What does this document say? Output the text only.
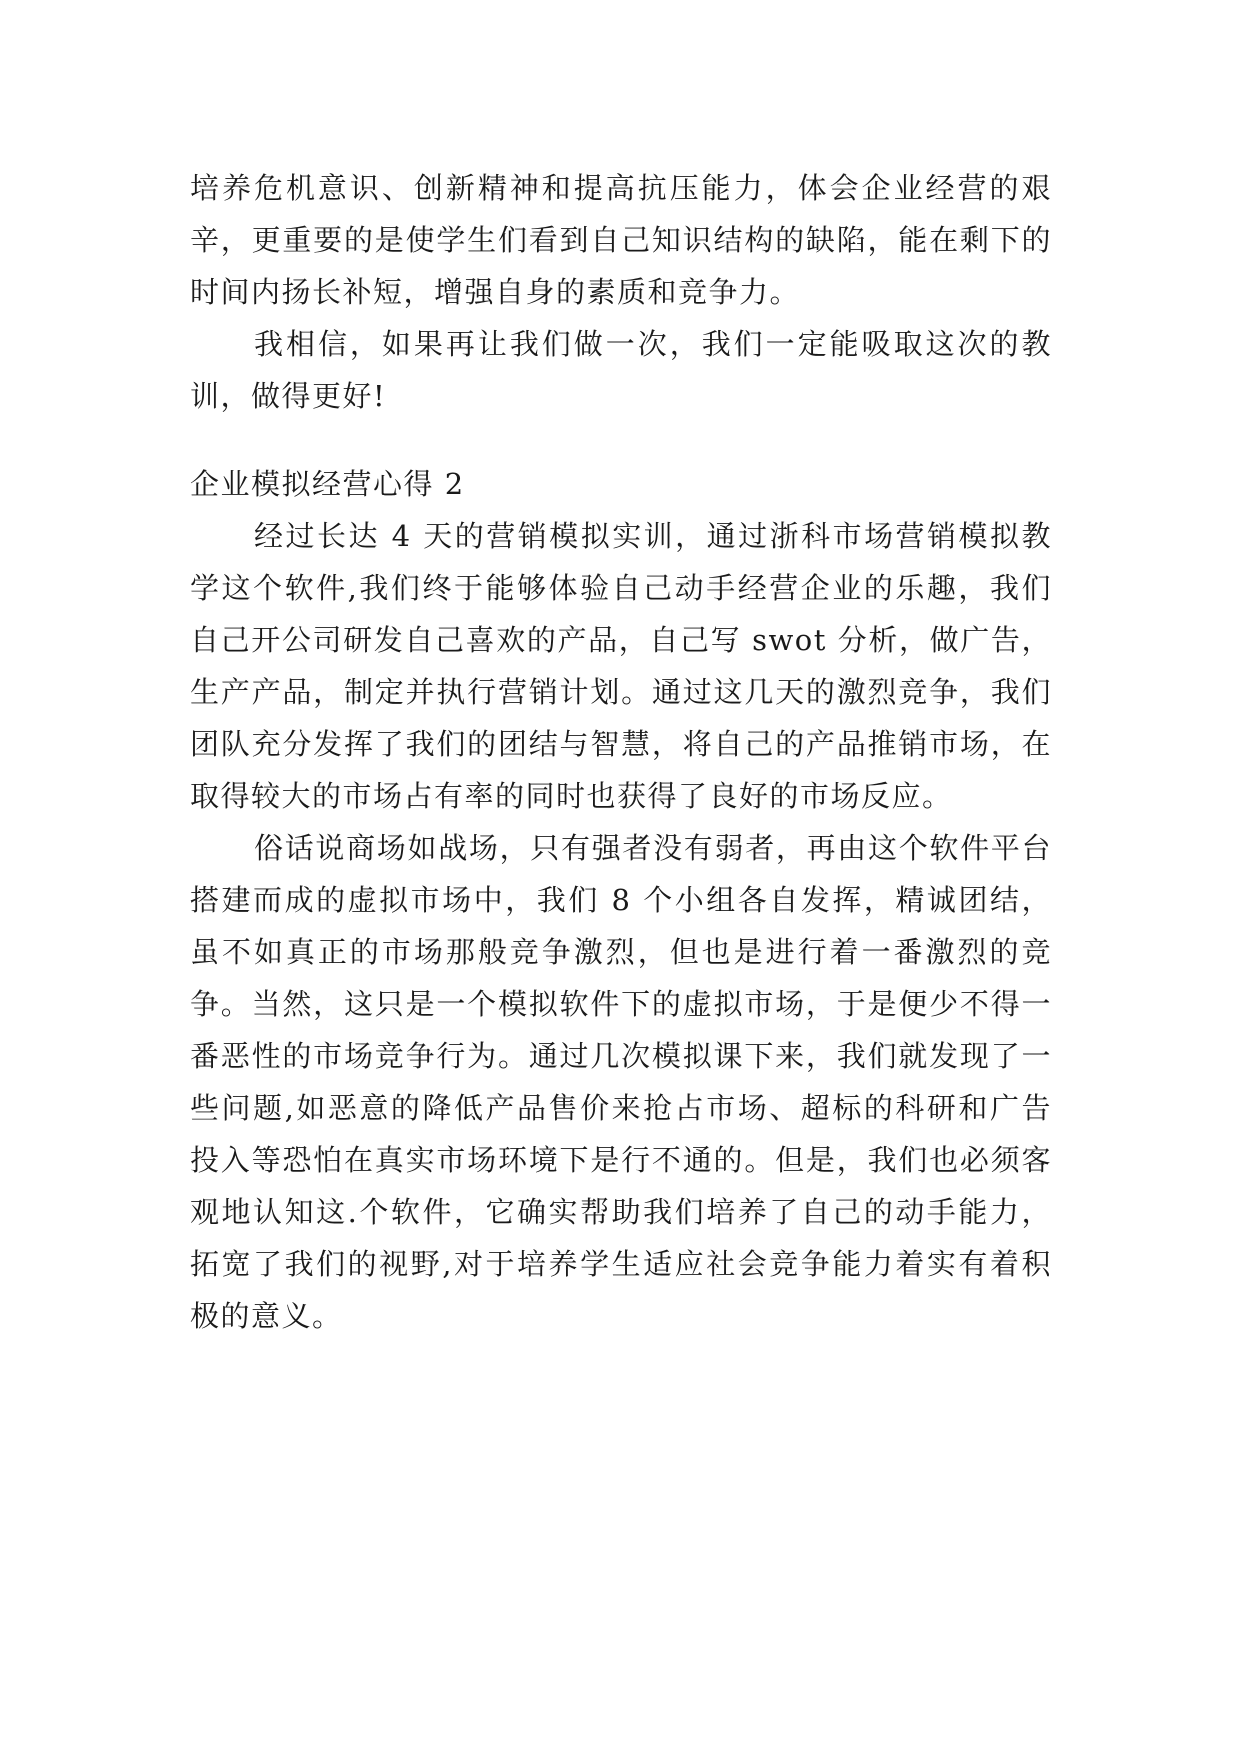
培养危机意识、创新精神和提高抗压能力，体会企业经营的艰辛，更重要的是使学生们看到自己知识结构的缺陷，能在剩下的时间内扬长补短，增强自身的素质和竞争力。

我相信，如果再让我们做一次，我们一定能吸取这次的教训，做得更好!

企业模拟经营心得 2

经过长达 4 天的营销模拟实训，通过浙科市场营销模拟教学这个软件,我们终于能够体验自己动手经营企业的乐趣，我们自己开公司研发自己喜欢的产品，自己写 swot 分析，做广告，生产产品，制定并执行营销计划。通过这几天的激烈竞争，我们团队充分发挥了我们的团结与智慧，将自己的产品推销市场，在取得较大的市场占有率的同时也获得了良好的市场反应。

俗话说商场如战场，只有强者没有弱者，再由这个软件平台搭建而成的虚拟市场中，我们 8 个小组各自发挥，精诚团结，虽不如真正的市场那般竞争激烈，但也是进行着一番激烈的竞争。当然，这只是一个模拟软件下的虚拟市场，于是便少不得一番恶性的市场竞争行为。通过几次模拟课下来，我们就发现了一些问题,如恶意的降低产品售价来抢占市场、超标的科研和广告投入等恐怕在真实市场环境下是行不通的。但是，我们也必须客观地认知这.个软件，它确实帮助我们培养了自己的动手能力，拓宽了我们的视野,对于培养学生适应社会竞争能力着实有着积极的意义。
